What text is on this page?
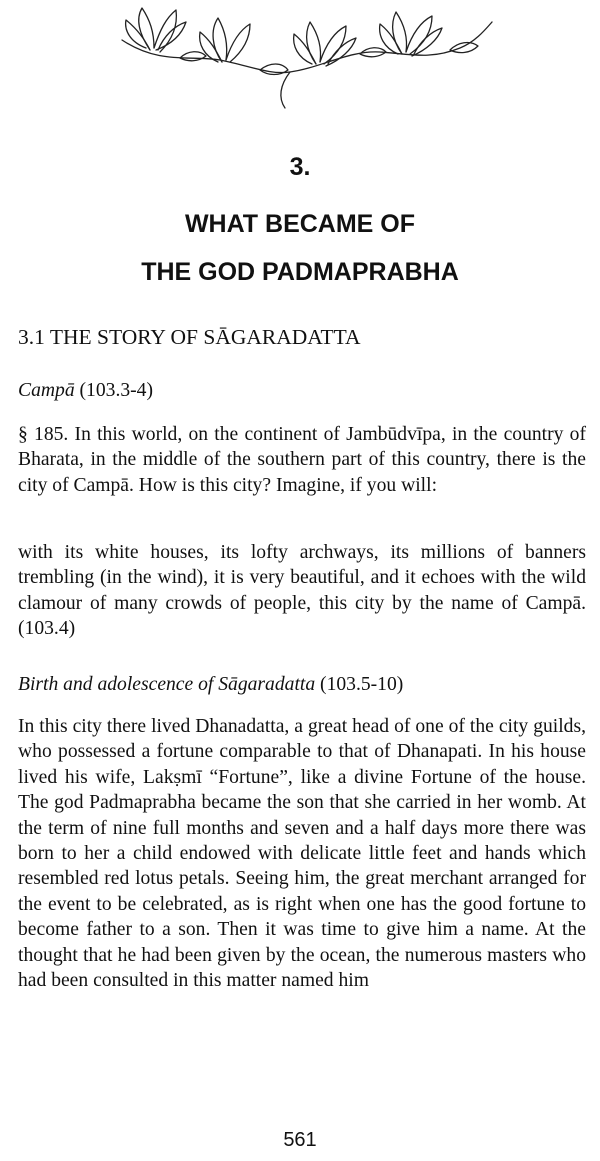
3.
WHAT BECAME OF
THE GOD PADMAPRABHA
3.1 THE STORY OF SĀGARADATTA
Campā (103.3-4)
§ 185. In this world, on the continent of Jambūdvīpa, in the country of Bharata, in the middle of the southern part of this country, there is the city of Campā. How is this city? Imagine, if you will:
with its white houses, its lofty archways, its millions of banners trembling (in the wind), it is very beautiful, and it echoes with the wild clamour of many crowds of people, this city by the name of Campā. (103.4)
Birth and adolescence of Sāgaradatta (103.5-10)
In this city there lived Dhanadatta, a great head of one of the city guilds, who possessed a fortune comparable to that of Dhanapati. In his house lived his wife, Lakṣmī “Fortune”, like a divine Fortune of the house. The god Padmaprabha became the son that she carried in her womb. At the term of nine full months and seven and a half days more there was born to her a child endowed with delicate little feet and hands which resembled red lotus petals. Seeing him, the great merchant arranged for the event to be celebrated, as is right when one has the good fortune to become father to a son. Then it was time to give him a name. At the thought that he had been given by the ocean, the numerous masters who had been consulted in this matter named him
561
